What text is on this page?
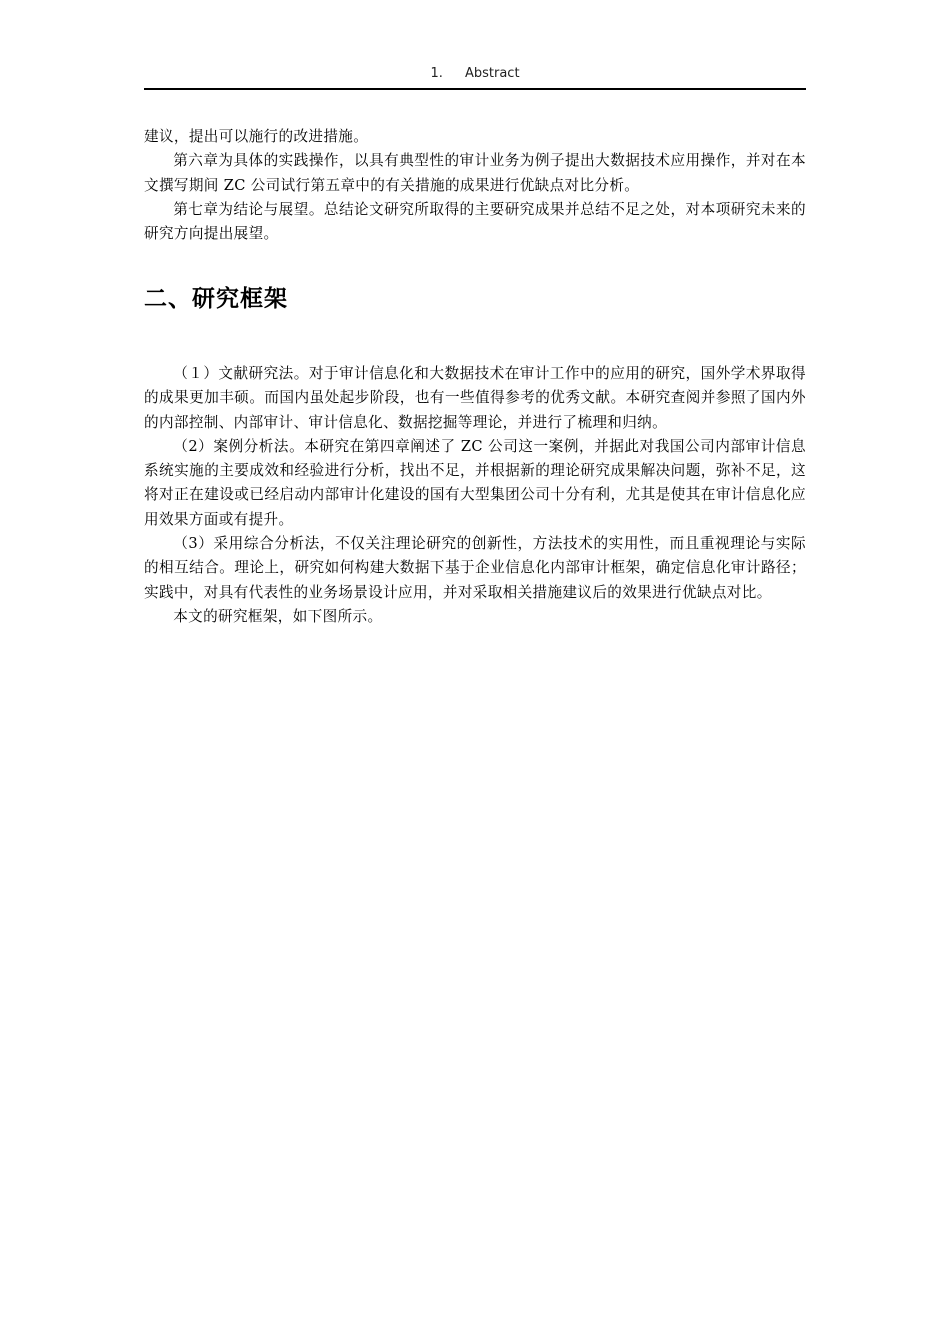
1. Abstract

建议，提出可以施行的改进措施。

第六章为具体的实践操作，以具有典型性的审计业务为例子提出大数据技术应用操作，并对在本文撰写期间 ZC 公司试行第五章中的有关措施的成果进行优缺点对比分析。

第七章为结论与展望。总结论文研究所取得的主要研究成果并总结不足之处，对本项研究未来的研究方向提出展望。

二、研究框架

（１）文献研究法。对于审计信息化和大数据技术在审计工作中的应用的研究，国外学术界取得的成果更加丰硕。而国内虽处起步阶段，也有一些值得参考的优秀文献。本研究查阅并参照了国内外的内部控制、内部审计、审计信息化、数据挖掘等理论，并进行了梳理和归纳。

（2）案例分析法。本研究在第四章阐述了 ZC 公司这一案例，并据此对我国公司内部审计信息系统实施的主要成效和经验进行分析，找出不足，并根据新的理论研究成果解决问题，弥补不足，这将对正在建设或已经启动内部审计化建设的国有大型集团公司十分有利，尤其是使其在审计信息化应用效果方面或有提升。

（3）采用综合分析法，不仅关注理论研究的创新性，方法技术的实用性，而且重视理论与实际的相互结合。理论上，研究如何构建大数据下基于企业信息化内部审计框架，确定信息化审计路径；实践中，对具有代表性的业务场景设计应用，并对采取相关措施建议后的效果进行优缺点对比。

本文的研究框架，如下图所示。
